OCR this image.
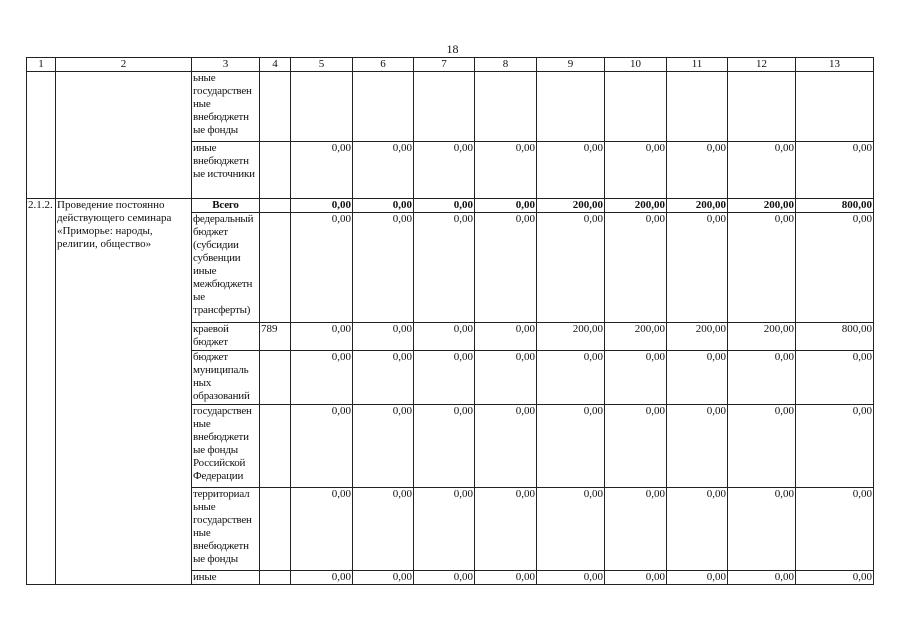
18
1	2	3	4	5	6	7	8	9	10	11	12	13
		ьные государствен ные внебюджетн ые фонды										
		иные внебюджетн ые источники		0,00	0,00	0,00	0,00	0,00	0,00	0,00	0,00	0,00
2.1.2.	Проведение постоянно действующего семинара «Приморье: народы, религии, общество»	Всего		0,00	0,00	0,00	0,00	200,00	200,00	200,00	200,00	800,00
		федеральный бюджет (субсидии субвенции иные межбюджетн ые трансферты)		0,00	0,00	0,00	0,00	0,00	0,00	0,00	0,00	0,00
		краевой бюджет	789	0,00	0,00	0,00	0,00	200,00	200,00	200,00	200,00	800,00
		бюджет муниципаль ных образований		0,00	0,00	0,00	0,00	0,00	0,00	0,00	0,00	0,00
		государствен ные внебюджети ые фонды Российской Федерации		0,00	0,00	0,00	0,00	0,00	0,00	0,00	0,00	0,00
		территориал ьные государствен ные внебюджетн ые фонды		0,00	0,00	0,00	0,00	0,00	0,00	0,00	0,00	0,00
		иные		0,00	0,00	0,00	0,00	0,00	0,00	0,00	0,00	0,00
